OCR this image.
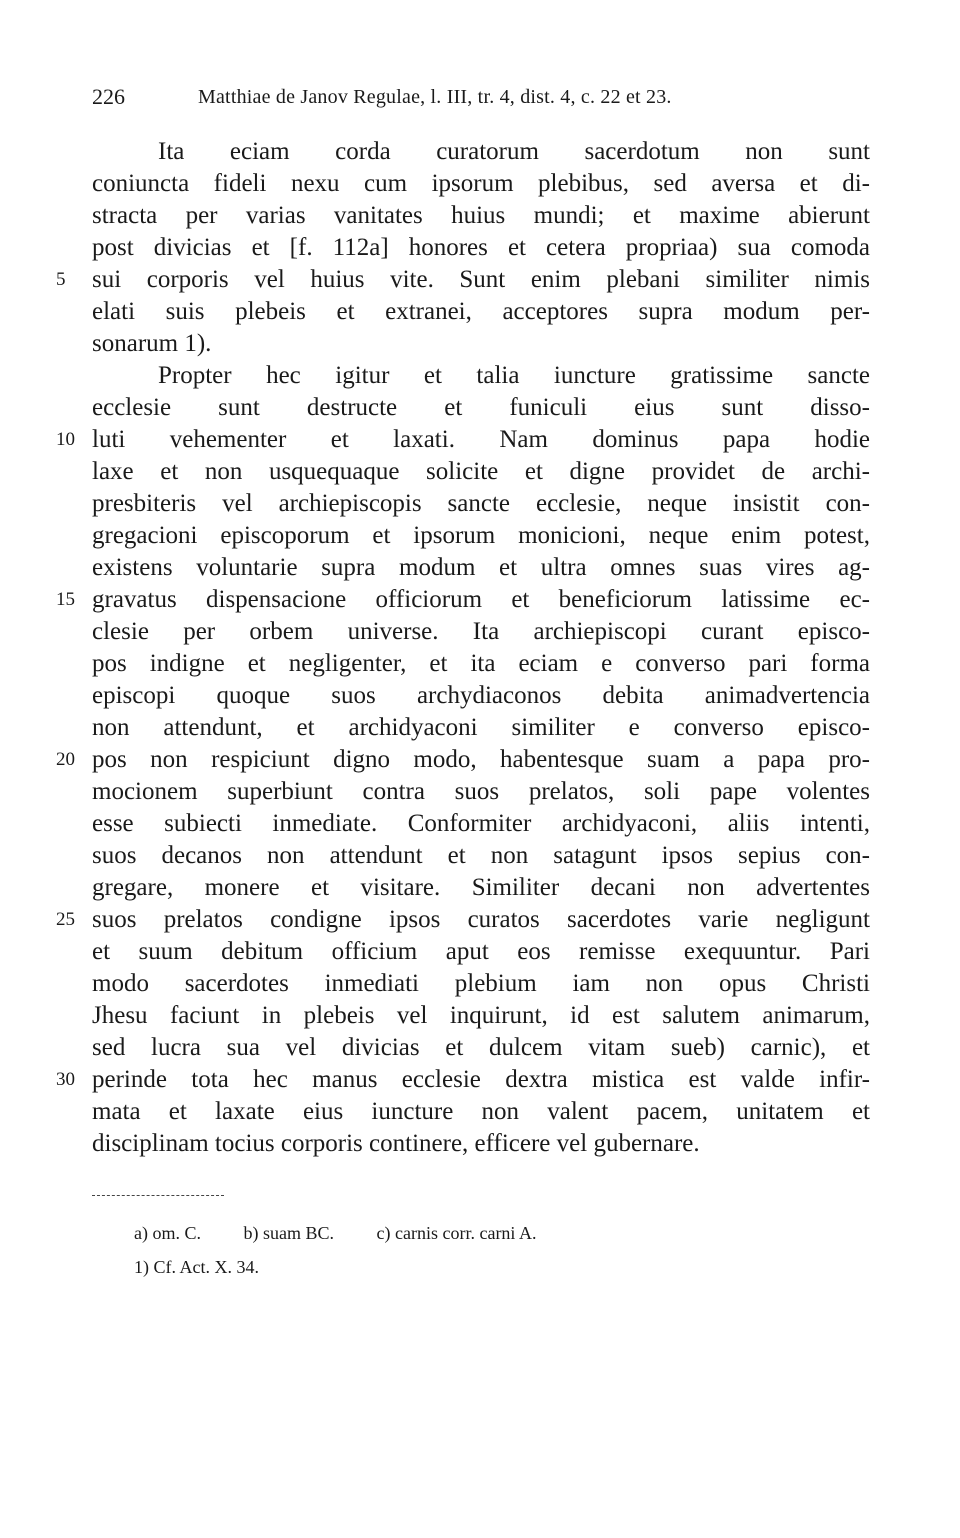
226	Matthiae de Janov Regulae, l. III, tr. 4, dist. 4, c. 22 et 23.
Ita eciam corda curatorum sacerdotum non sunt
coniuncta fideli nexu cum ipsorum plebibus, sed aversa et di-
stracta per varias vanitates huius mundi; et maxime abierunt
post divicias et [f. 112a] honores et cetera propriaa) sua comoda
sui corporis vel huius vite. Sunt enim plebani similiter nimis
elati suis plebeis et extranei, acceptores supra modum per-
sonarum 1).
Propter hec igitur et talia iuncture gratissime sancte
ecclesie sunt destructe et funiculi eius sunt disso-
luti vehementer et laxati. Nam dominus papa hodie
laxe et non usquequaque solicite et digne providet de archi-
presbiteris vel archiepiscopis sancte ecclesie, neque insistit con-
gregacioni episcoporum et ipsorum monicioni, neque enim potest,
existens voluntarie supra modum et ultra omnes suas vires ag-
gravatus dispensacione officiorum et beneficiorum latissime ec-
clesie per orbem universe. Ita archiepiscopi curant episco-
pos indigne et negligenter, et ita eciam e converso pari forma
episcopi quoque suos archydiaconos debita animadvertencia
non attendunt, et archidyaconi similiter e converso episco-
pos non respiciunt digno modo, habentesque suam a papa pro-
mocionem superbiunt contra suos prelatos, soli pape volentes
esse subiecti inmediate. Conformiter archidyaconi, aliis intenti,
suos decanos non attendunt et non satagunt ipsos sepius con-
gregare, monere et visitare. Similiter decani non advertentes
suos prelatos condigne ipsos curatos sacerdotes varie negligunt
et suum debitum officium aput eos remisse exequuntur. Pari
modo sacerdotes inmediati plebium iam non opus Christi
Jhesu faciunt in plebeis vel inquirunt, id est salutem animarum,
sed lucra sua vel divicias et dulcem vitam sueb) carnic), et
perinde tota hec manus ecclesie dextra mistica est valde infir-
mata et laxate eius iuncture non valent pacem, unitatem et
disciplinam tocius corporis continere, efficere vel gubernare.
5
10
15
20
25
30
a) om. C. b) suam BC. c) carnis corr. carni A.
1) Cf. Act. X. 34.
